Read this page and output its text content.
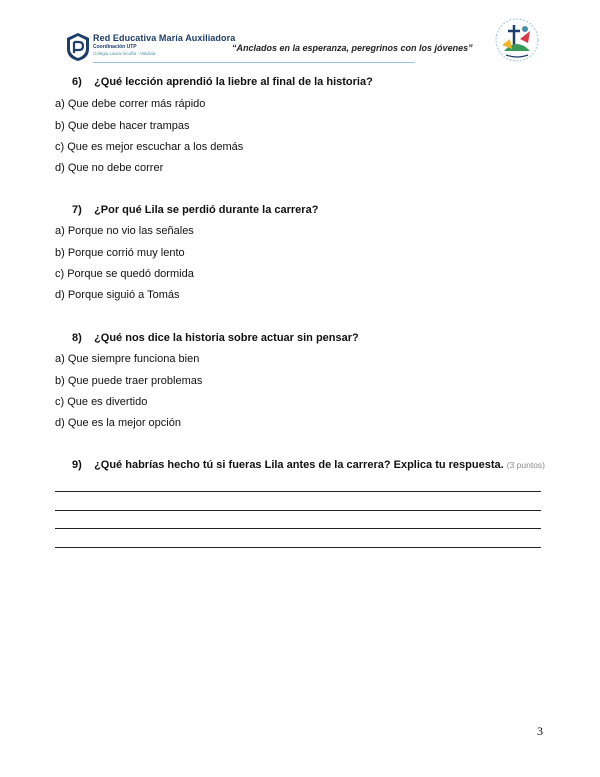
Red Educativa María Auxiliadora
Coordinación UTP
Colegio Laura Vicuña - Valdivia
“Anclados en la esperanza, peregrinos con los jóvenes”
6) ¿Qué lección aprendió la liebre al final de la historia?
a) Que debe correr más rápido
b) Que debe hacer trampas
c) Que es mejor escuchar a los demás
d) Que no debe correr
7) ¿Por qué Lila se perdió durante la carrera?
a) Porque no vio las señales
b) Porque corrió muy lento
c) Porque se quedó dormida
d) Porque siguió a Tomás
8) ¿Qué nos dice la historia sobre actuar sin pensar?
a) Que siempre funciona bien
b) Que puede traer problemas
c) Que es divertido
d) Que es la mejor opción
9) ¿Qué habrías hecho tú si fueras Lila antes de la carrera? Explica tu respuesta. (3 puntos)
3
